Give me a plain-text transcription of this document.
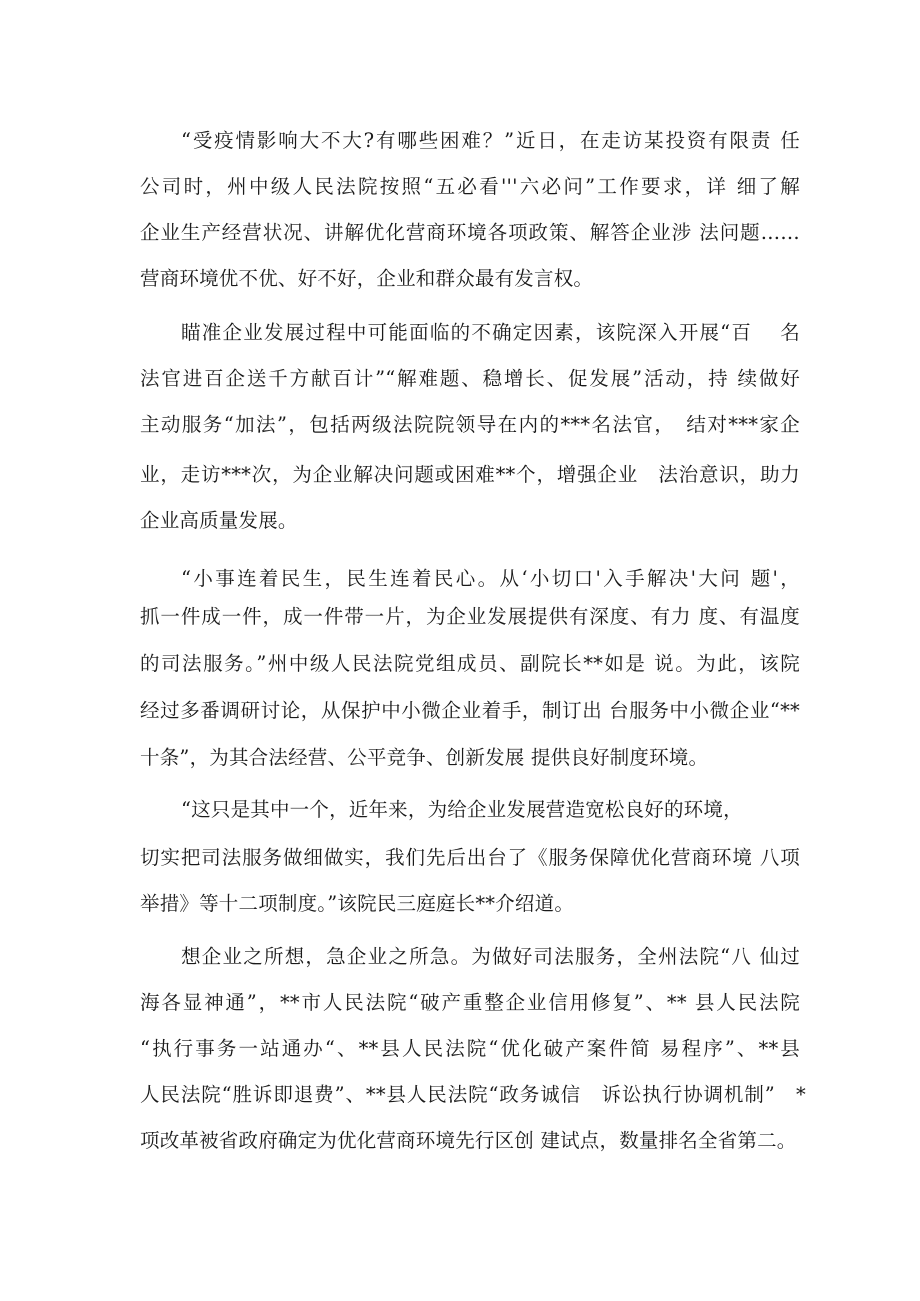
“受疫情影响大不大?有哪些困难？”近日，在走访某投资有限责 任
公司时，州中级人民法院按照“五必看'''六必问”工作要求，详 细了解
企业生产经营状况、讲解优化营商环境各项政策、解答企业涉 法问题……
营商环境优不优、好不好，企业和群众最有发言权。
瞄准企业发展过程中可能面临的不确定因素，该院深入开展“百　 名
法官进百企送千方献百计”“解难题、稳增长、促发展”活动，持 续做好
主动服务“加法”，包括两级法院院领导在内的***名法官，　结对***家企
业，走访***次，为企业解决问题或困难**个，增强企业　法治意识，助力
企业高质量发展。
“小事连着民生，民生连着民心。从‘小切口'入手解决'大问 题'，
抓一件成一件，成一件带一片，为企业发展提供有深度、有力 度、有温度
的司法服务。”州中级人民法院党组成员、副院长**如是 说。为此，该院
经过多番调研讨论，从保护中小微企业着手，制订出 台服务中小微企业“**
十条”，为其合法经营、公平竞争、创新发展 提供良好制度环境。
“这只是其中一个，近年来，为给企业发展营造宽松良好的环境，
切实把司法服务做细做实，我们先后出台了《服务保障优化营商环境 八项
举措》等十二项制度。”该院民三庭庭长**介绍道。
想企业之所想，急企业之所急。为做好司法服务，全州法院“八 仙过
海各显神通”，**市人民法院“破产重整企业信用修复”、** 县人民法院
“执行事务一站通办“、**县人民法院“优化破产案件简 易程序”、**县
人民法院“胜诉即退费”、**县人民法院“政务诚信　诉讼执行协调机制”　*
项改革被省政府确定为优化营商环境先行区创 建试点，数量排名全省第二。
